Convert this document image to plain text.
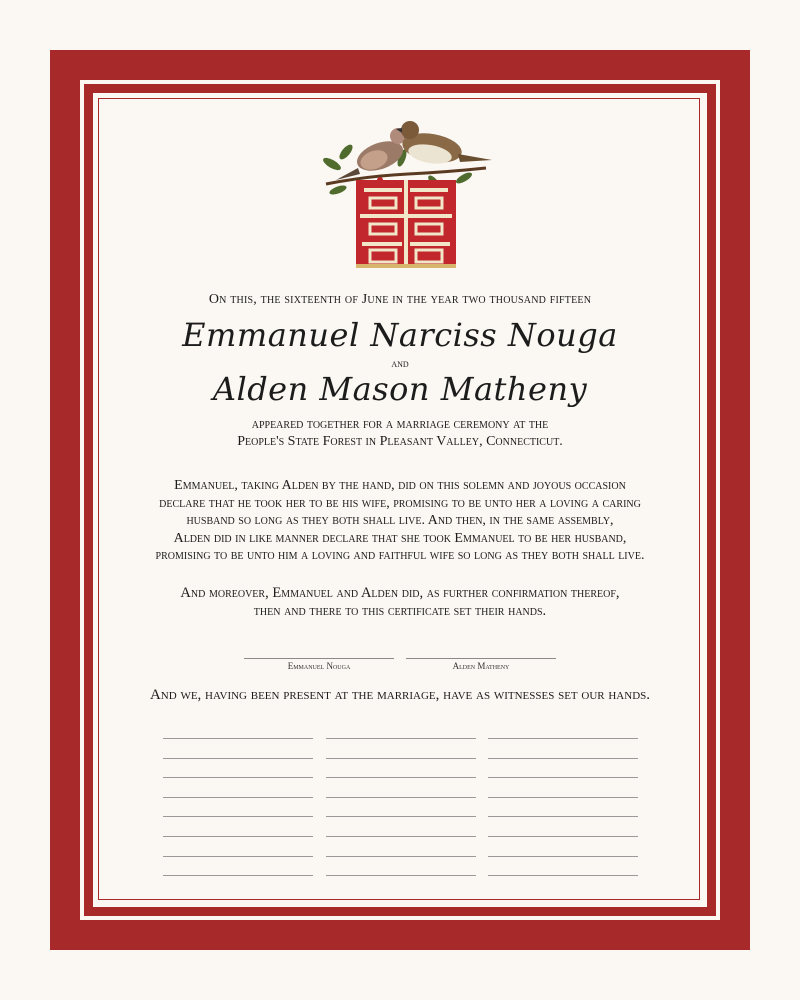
On this, the sixteenth of June in the year two thousand fifteen
Emmanuel Narciss Nouga
and
Alden Mason Matheny
appeared together for a marriage ceremony at the
People's State Forest in Pleasant Valley, Connecticut.
Emmanuel, taking Alden by the hand, did on this solemn and joyous occasion
declare that he took her to be his wife, promising to be unto her a loving a caring
husband so long as they both shall live. And then, in the same assembly,
Alden did in like manner declare that she took Emmanuel to be her husband,
promising to be unto him a loving and faithful wife so long as they both shall live.
And moreover, Emmanuel and Alden did, as further confirmation thereof,
then and there to this certificate set their hands.
Emmanuel Nouga	Alden Matheny
And we, having been present at the marriage, have as witnesses set our hands.
